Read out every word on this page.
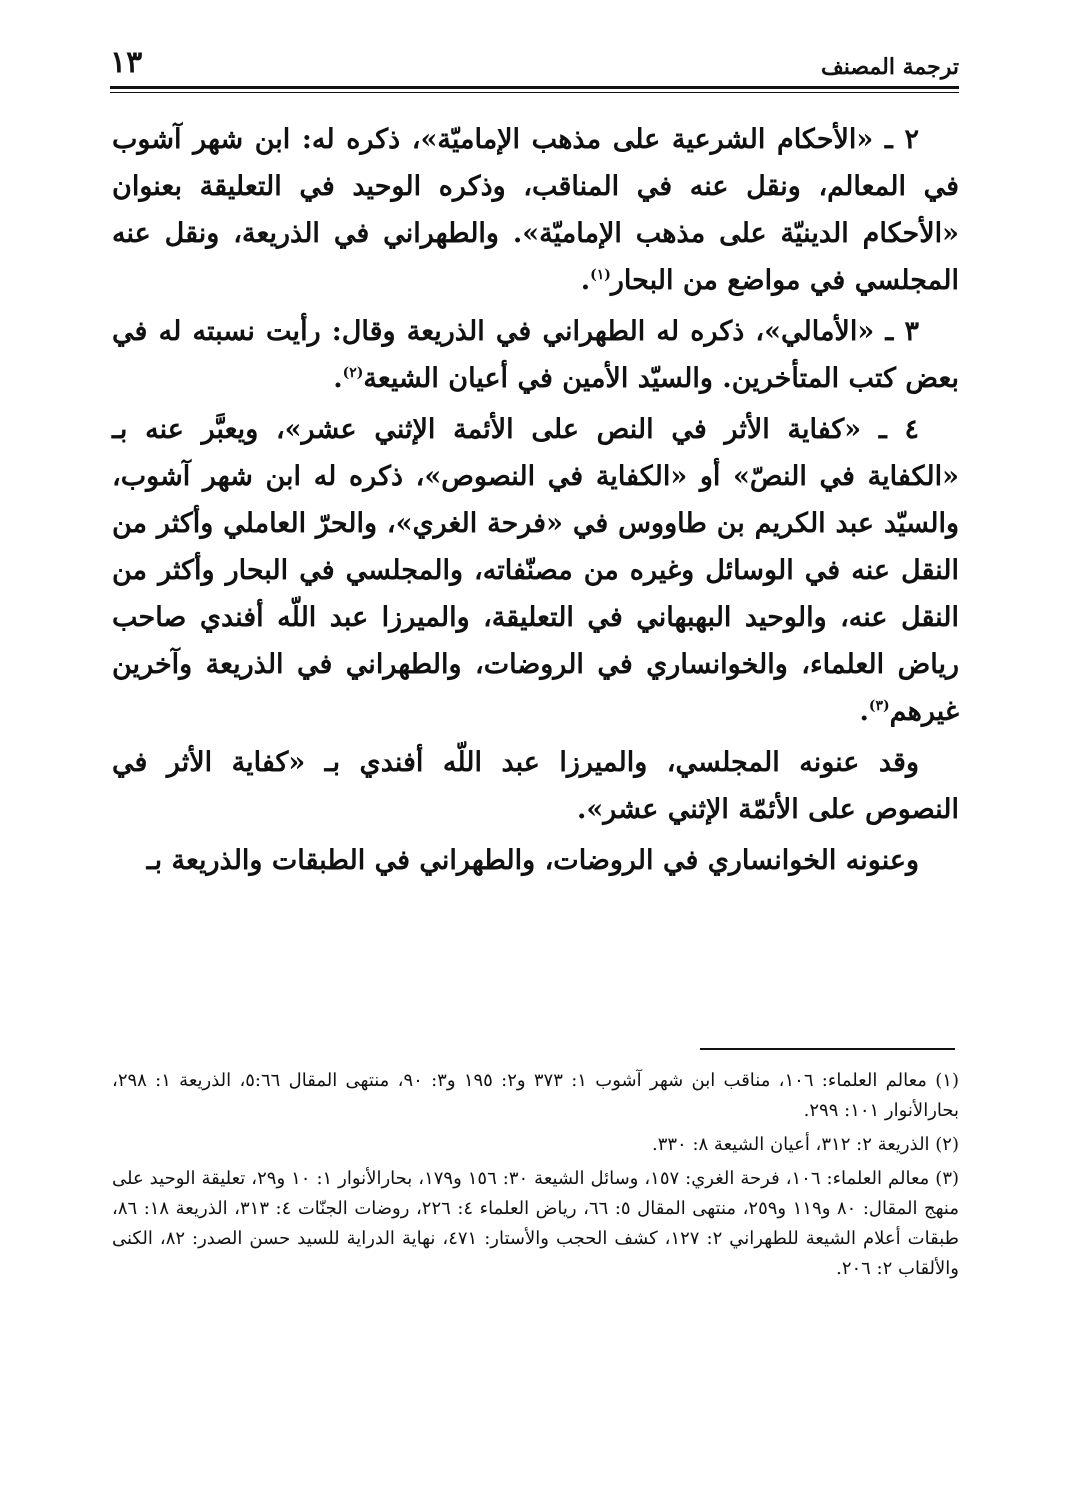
١٣	ترجمة المصنف

٢ ـ «الأحكام الشرعية على مذهب الإماميّة»، ذكره له: ابن شهر آشوب في المعالم، ونقل عنه في المناقب، وذكره الوحيد في التعليقة بعنوان «الأحكام الدينيّة على مذهب الإماميّة». والطهراني في الذريعة، ونقل عنه المجلسي في مواضع من البحار$^{(١)}$.

٣ ـ «الأمالي»، ذكره له الطهراني في الذريعة وقال: رأيت نسبته له في بعض كتب المتأخرين. والسيّد الأمين في أعيان الشيعة$^{(٢)}$.

٤ ـ «كفاية الأثر في النص على الأئمة الإثني عشر»، ويعبَّر عنه بـ «الكفاية في النصّ» أو «الكفاية في النصوص»، ذكره له ابن شهر آشوب، والسيّد عبد الكريم بن طاووس في «فرحة الغري»، والحرّ العاملي وأكثر من النقل عنه في الوسائل وغيره من مصنّفاته، والمجلسي في البحار وأكثر من النقل عنه، والوحيد البهبهاني في التعليقة، والميرزا عبد اللّه أفندي صاحب رياض العلماء، والخوانساري في الروضات، والطهراني في الذريعة وآخرين غيرهم$^{(٣)}$.

وقد عنونه المجلسي، والميرزا عبد اللّه أفندي بـ «كفاية الأثر في النصوص على الأئمّة الإثني عشر».

وعنونه الخوانساري في الروضات، والطهراني في الطبقات والذريعة بـ

(١) معالم العلماء: ١٠٦، مناقب ابن شهر آشوب ١: ٣٧٣ و٢: ١٩٥ و٣: ٩٠، منتهى المقال ٥:٦٦، الذريعة ١: ٢٩٨، بحارالأنوار ١٠١: ٢٩٩.

(٢) الذريعة ٢: ٣١٢، أعيان الشيعة ٨: ٣٣٠.

(٣) معالم العلماء: ١٠٦، فرحة الغري: ١٥٧، وسائل الشيعة ٣٠: ١٥٦ و١٧٩، بحارالأنوار ١: ١٠ و٢٩، تعليقة الوحيد على منهج المقال: ٨٠ و١١٩ و٢٥٩، منتهى المقال ٥: ٦٦، رياض العلماء ٤: ٢٢٦، روضات الجنّات ٤: ٣١٣، الذريعة ١٨: ٨٦، طبقات أعلام الشيعة للطهراني ٢: ١٢٧، كشف الحجب والأستار: ٤٧١، نهاية الدراية للسيد حسن الصدر: ٨٢، الكنى والألقاب ٢: ٢٠٦.
